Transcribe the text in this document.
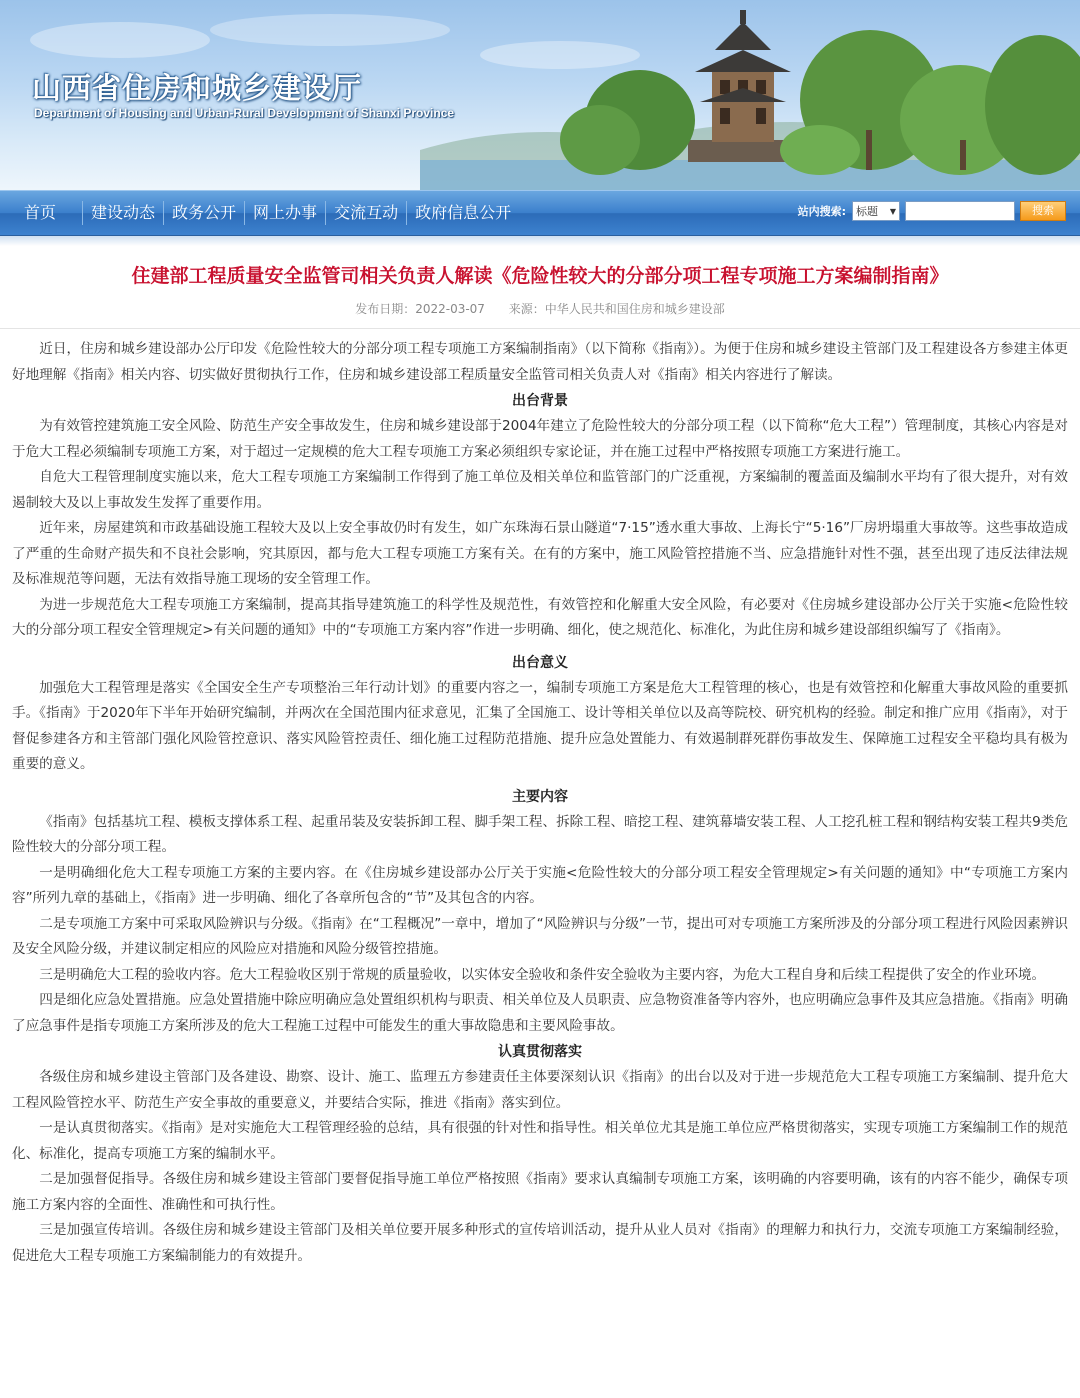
山西省住房和城乡建设厅
Department of Housing and Urban-Rural Development of Shanxi Province
首页	建设动态	政务公开	网上办事	交流互动	政府信息公开	站内搜索: 标题 ▼	搜索
住建部工程质量安全监管司相关负责人解读《危险性较大的分部分项工程专项施工方案编制指南》
发布日期：2022-03-07 来源：中华人民共和国住房和城乡建设部

近日，住房和城乡建设部办公厅印发《危险性较大的分部分项工程专项施工方案编制指南》（以下简称《指南》）。为便于住房和城乡建设主管部门及工程建设各方参建主体更好地理解《指南》相关内容、切实做好贯彻执行工作，住房和城乡建设部工程质量安全监管司相关负责人对《指南》相关内容进行了解读。

出台背景

为有效管控建筑施工安全风险、防范生产安全事故发生，住房和城乡建设部于2004年建立了危险性较大的分部分项工程（以下简称“危大工程”）管理制度，其核心内容是对于危大工程必须编制专项施工方案，对于超过一定规模的危大工程专项施工方案必须组织专家论证，并在施工过程中严格按照专项施工方案进行施工。

自危大工程管理制度实施以来，危大工程专项施工方案编制工作得到了施工单位及相关单位和监管部门的广泛重视，方案编制的覆盖面及编制水平均有了很大提升，对有效遏制较大及以上事故发生发挥了重要作用。

近年来，房屋建筑和市政基础设施工程较大及以上安全事故仍时有发生，如广东珠海石景山隧道“7·15”透水重大事故、上海长宁“5·16”厂房坍塌重大事故等。这些事故造成了严重的生命财产损失和不良社会影响，究其原因，都与危大工程专项施工方案有关。在有的方案中，施工风险管控措施不当、应急措施针对性不强，甚至出现了违反法律法规及标准规范等问题，无法有效指导施工现场的安全管理工作。

为进一步规范危大工程专项施工方案编制，提高其指导建筑施工的科学性及规范性，有效管控和化解重大安全风险，有必要对《住房城乡建设部办公厅关于实施<危险性较大的分部分项工程安全管理规定>有关问题的通知》中的“专项施工方案内容”作进一步明确、细化，使之规范化、标准化，为此住房和城乡建设部组织编写了《指南》。

出台意义

加强危大工程管理是落实《全国安全生产专项整治三年行动计划》的重要内容之一，编制专项施工方案是危大工程管理的核心，也是有效管控和化解重大事故风险的重要抓手。《指南》于2020年下半年开始研究编制，并两次在全国范围内征求意见，汇集了全国施工、设计等相关单位以及高等院校、研究机构的经验。制定和推广应用《指南》，对于督促参建各方和主管部门强化风险管控意识、落实风险管控责任、细化施工过程防范措施、提升应急处置能力、有效遏制群死群伤事故发生、保障施工过程安全平稳均具有极为重要的意义。

主要内容

《指南》包括基坑工程、模板支撑体系工程、起重吊装及安装拆卸工程、脚手架工程、拆除工程、暗挖工程、建筑幕墙安装工程、人工挖孔桩工程和钢结构安装工程共9类危险性较大的分部分项工程。

一是明确细化危大工程专项施工方案的主要内容。在《住房城乡建设部办公厅关于实施<危险性较大的分部分项工程安全管理规定>有关问题的通知》中“专项施工方案内容”所列九章的基础上，《指南》进一步明确、细化了各章所包含的“节”及其包含的内容。

二是专项施工方案中可采取风险辨识与分级。《指南》在“工程概况”一章中，增加了“风险辨识与分级”一节，提出可对专项施工方案所涉及的分部分项工程进行风险因素辨识及安全风险分级，并建议制定相应的风险应对措施和风险分级管控措施。

三是明确危大工程的验收内容。危大工程验收区别于常规的质量验收，以实体安全验收和条件安全验收为主要内容，为危大工程自身和后续工程提供了安全的作业环境。

四是细化应急处置措施。应急处置措施中除应明确应急处置组织机构与职责、相关单位及人员职责、应急物资准备等内容外，也应明确应急事件及其应急措施。《指南》明确了应急事件是指专项施工方案所涉及的危大工程施工过程中可能发生的重大事故隐患和主要风险事故。

认真贯彻落实

各级住房和城乡建设主管部门及各建设、勘察、设计、施工、监理五方参建责任主体要深刻认识《指南》的出台以及对于进一步规范危大工程专项施工方案编制、提升危大工程风险管控水平、防范生产安全事故的重要意义，并要结合实际，推进《指南》落实到位。

一是认真贯彻落实。《指南》是对实施危大工程管理经验的总结，具有很强的针对性和指导性。相关单位尤其是施工单位应严格贯彻落实，实现专项施工方案编制工作的规范化、标准化，提高专项施工方案的编制水平。

二是加强督促指导。各级住房和城乡建设主管部门要督促指导施工单位严格按照《指南》要求认真编制专项施工方案，该明确的内容要明确，该有的内容不能少，确保专项施工方案内容的全面性、准确性和可执行性。

三是加强宣传培训。各级住房和城乡建设主管部门及相关单位要开展多种形式的宣传培训活动，提升从业人员对《指南》的理解力和执行力，交流专项施工方案编制经验，促进危大工程专项施工方案编制能力的有效提升。
